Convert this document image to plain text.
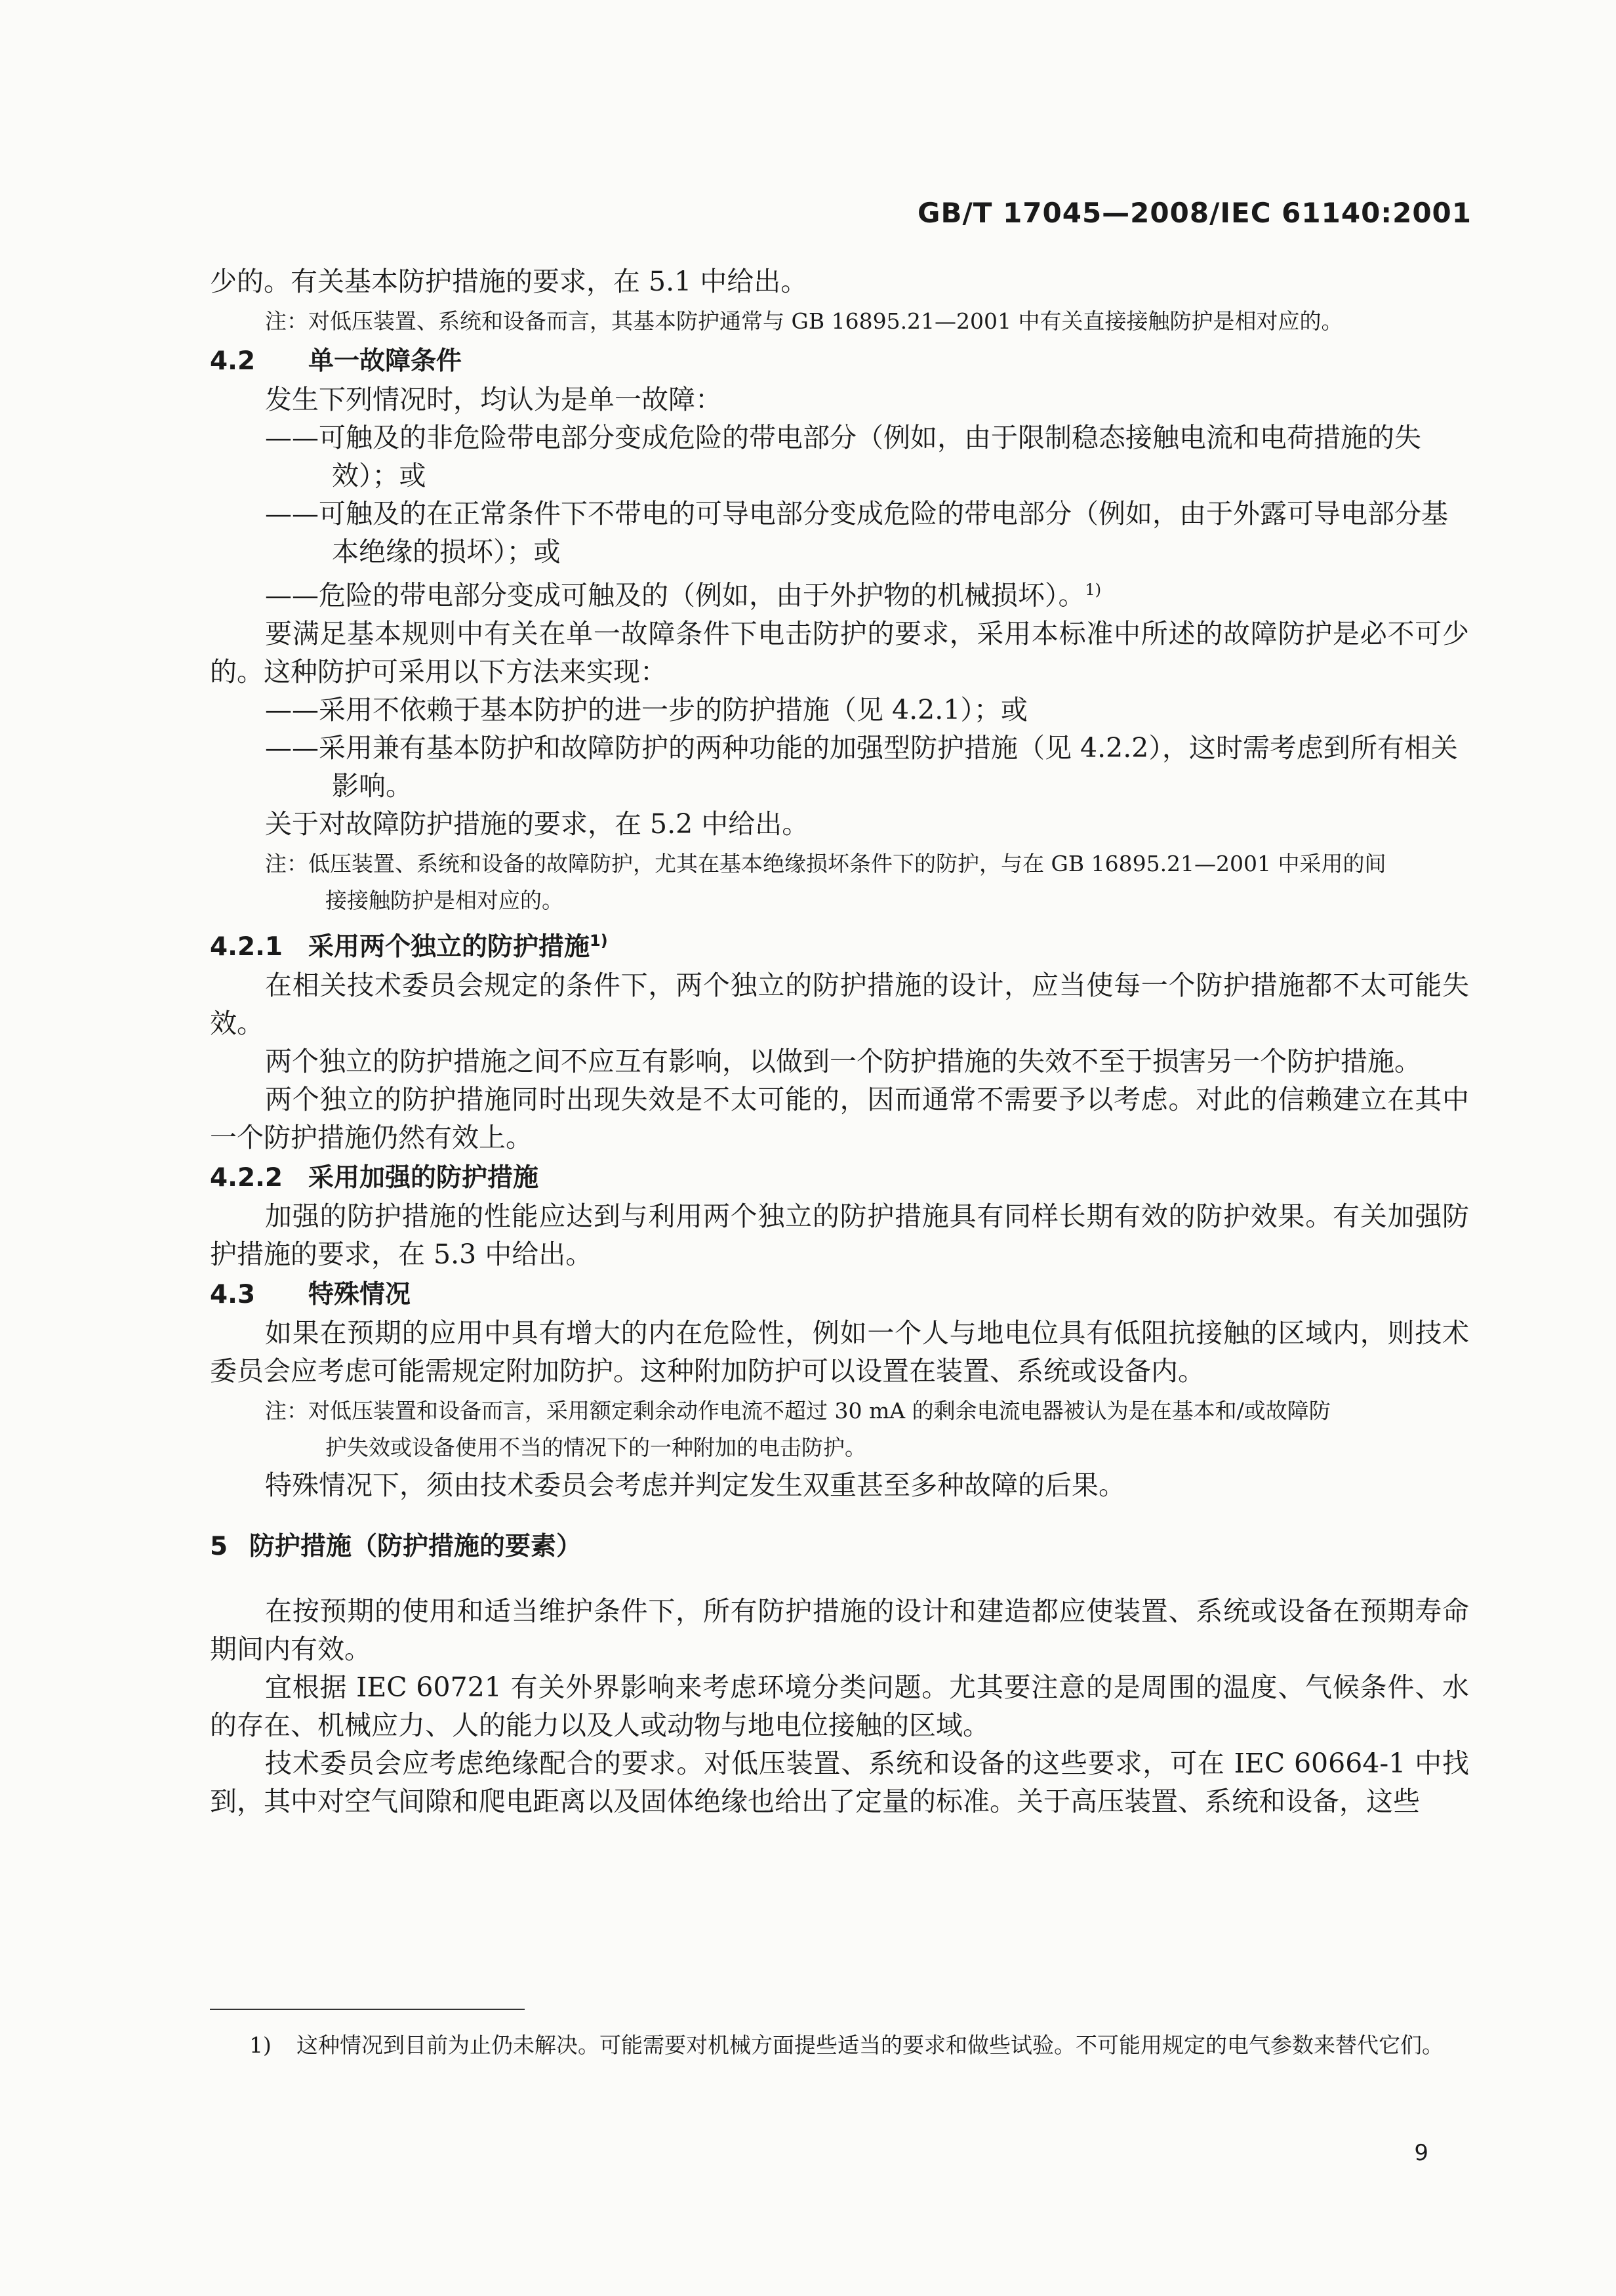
GB/T 17045—2008/IEC 61140:2001

少的。有关基本防护措施的要求，在 5.1 中给出。

注：对低压装置、系统和设备而言，其基本防护通常与 GB 16895.21—2001 中有关直接接触防护是相对应的。

4.2 单一故障条件

发生下列情况时，均认为是单一故障：

——可触及的非危险带电部分变成危险的带电部分（例如，由于限制稳态接触电流和电荷措施的失效）；或

——可触及的在正常条件下不带电的可导电部分变成危险的带电部分（例如，由于外露可导电部分基本绝缘的损坏）；或

——危险的带电部分变成可触及的（例如，由于外护物的机械损坏）。$^{1)}$

要满足基本规则中有关在单一故障条件下电击防护的要求，采用本标准中所述的故障防护是必不可少的。这种防护可采用以下方法来实现：

——采用不依赖于基本防护的进一步的防护措施（见 4.2.1）；或

——采用兼有基本防护和故障防护的两种功能的加强型防护措施（见 4.2.2），这时需考虑到所有相关影响。

关于对故障防护措施的要求，在 5.2 中给出。

注：低压装置、系统和设备的故障防护，尤其在基本绝缘损坏条件下的防护，与在 GB 16895.21—2001 中采用的间
接接触防护是相对应的。

4.2.1 采用两个独立的防护措施$^{1)}$

在相关技术委员会规定的条件下，两个独立的防护措施的设计，应当使每一个防护措施都不太可能失效。

两个独立的防护措施之间不应互有影响，以做到一个防护措施的失效不至于损害另一个防护措施。

两个独立的防护措施同时出现失效是不太可能的，因而通常不需要予以考虑。对此的信赖建立在其中一个防护措施仍然有效上。

4.2.2 采用加强的防护措施

加强的防护措施的性能应达到与利用两个独立的防护措施具有同样长期有效的防护效果。有关加强防护措施的要求，在 5.3 中给出。

4.3 特殊情况

如果在预期的应用中具有增大的内在危险性，例如一个人与地电位具有低阻抗接触的区域内，则技术委员会应考虑可能需规定附加防护。这种附加防护可以设置在装置、系统或设备内。

注：对低压装置和设备而言，采用额定剩余动作电流不超过 30 mA 的剩余电流电器被认为是在基本和/或故障防
护失效或设备使用不当的情况下的一种附加的电击防护。

特殊情况下，须由技术委员会考虑并判定发生双重甚至多种故障的后果。

5 防护措施（防护措施的要素）

在按预期的使用和适当维护条件下，所有防护措施的设计和建造都应使装置、系统或设备在预期寿命期间内有效。

宜根据 IEC 60721 有关外界影响来考虑环境分类问题。尤其要注意的是周围的温度、气候条件、水的存在、机械应力、人的能力以及人或动物与地电位接触的区域。

技术委员会应考虑绝缘配合的要求。对低压装置、系统和设备的这些要求，可在 IEC 60664-1 中找到，其中对空气间隙和爬电距离以及固体绝缘也给出了定量的标准。关于高压装置、系统和设备，这些

1)	这种情况到目前为止仍未解决。可能需要对机械方面提些适当的要求和做些试验。不可能用规定的电气参数来替代它们。
9
